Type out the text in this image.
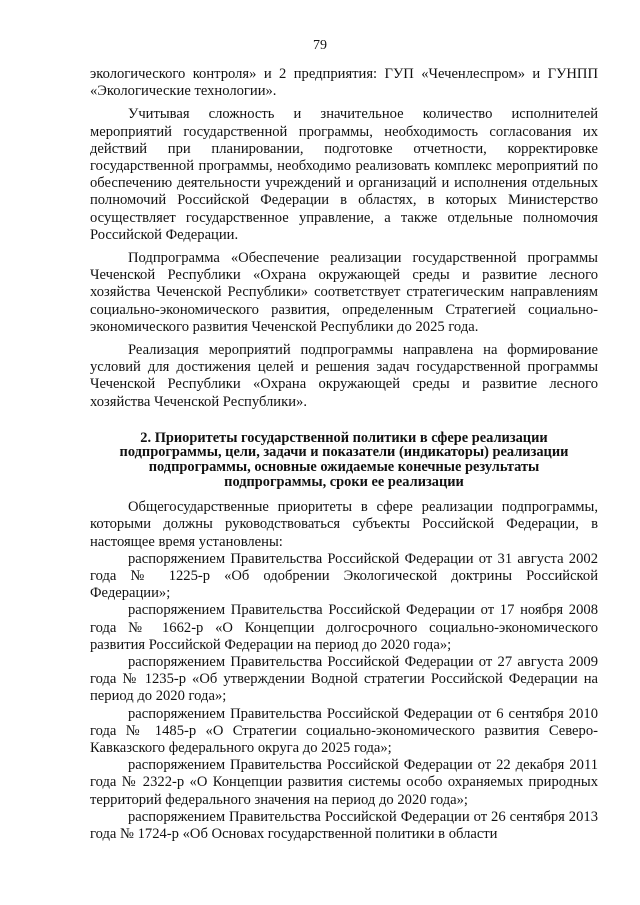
79

экологического контроля» и 2 предприятия: ГУП «Чеченлеспром» и ГУНПП «Экологические технологии».

Учитывая сложность и значительное количество исполнителей мероприятий государственной программы, необходимость согласования их действий при планировании, подготовке отчетности, корректировке государственной программы, необходимо реализовать комплекс мероприятий по обеспечению деятельности учреждений и организаций и исполнения отдельных полномочий Российской Федерации в областях, в которых Министерство осуществляет государственное управление, а также отдельные полномочия Российской Федерации.

Подпрограмма «Обеспечение реализации государственной программы Чеченской Республики «Охрана окружающей среды и развитие лесного хозяйства Чеченской Республики» соответствует стратегическим направлениям социально-экономического развития, определенным Стратегией социально-экономического развития Чеченской Республики до 2025 года.

Реализация мероприятий подпрограммы направлена на формирование условий для достижения целей и решения задач государственной программы Чеченской Республики «Охрана окружающей среды и развитие лесного хозяйства Чеченской Республики».

2. Приоритеты государственной политики в сфере реализации
подпрограммы, цели, задачи и показатели (индикаторы) реализации
подпрограммы, основные ожидаемые конечные результаты
подпрограммы, сроки ее реализации

Общегосударственные приоритеты в сфере реализации подпрограммы, которыми должны руководствоваться субъекты Российской Федерации, в настоящее время установлены:

распоряжением Правительства Российской Федерации от 31 августа 2002 года № 1225-р «Об одобрении Экологической доктрины Российской Федерации»;

распоряжением Правительства Российской Федерации от 17 ноября 2008 года № 1662-р «О Концепции долгосрочного социально-экономического развития Российской Федерации на период до 2020 года»;

распоряжением Правительства Российской Федерации от 27 августа 2009 года № 1235-р «Об утверждении Водной стратегии Российской Федерации на период до 2020 года»;

распоряжением Правительства Российской Федерации от 6 сентября 2010 года № 1485-р «О Стратегии социально-экономического развития Северо-Кавказского федерального округа до 2025 года»;

распоряжением Правительства Российской Федерации от 22 декабря 2011 года № 2322-р «О Концепции развития системы особо охраняемых природных территорий федерального значения на период до 2020 года»;

распоряжением Правительства Российской Федерации от 26 сентября 2013 года № 1724-р «Об Основах государственной политики в области
